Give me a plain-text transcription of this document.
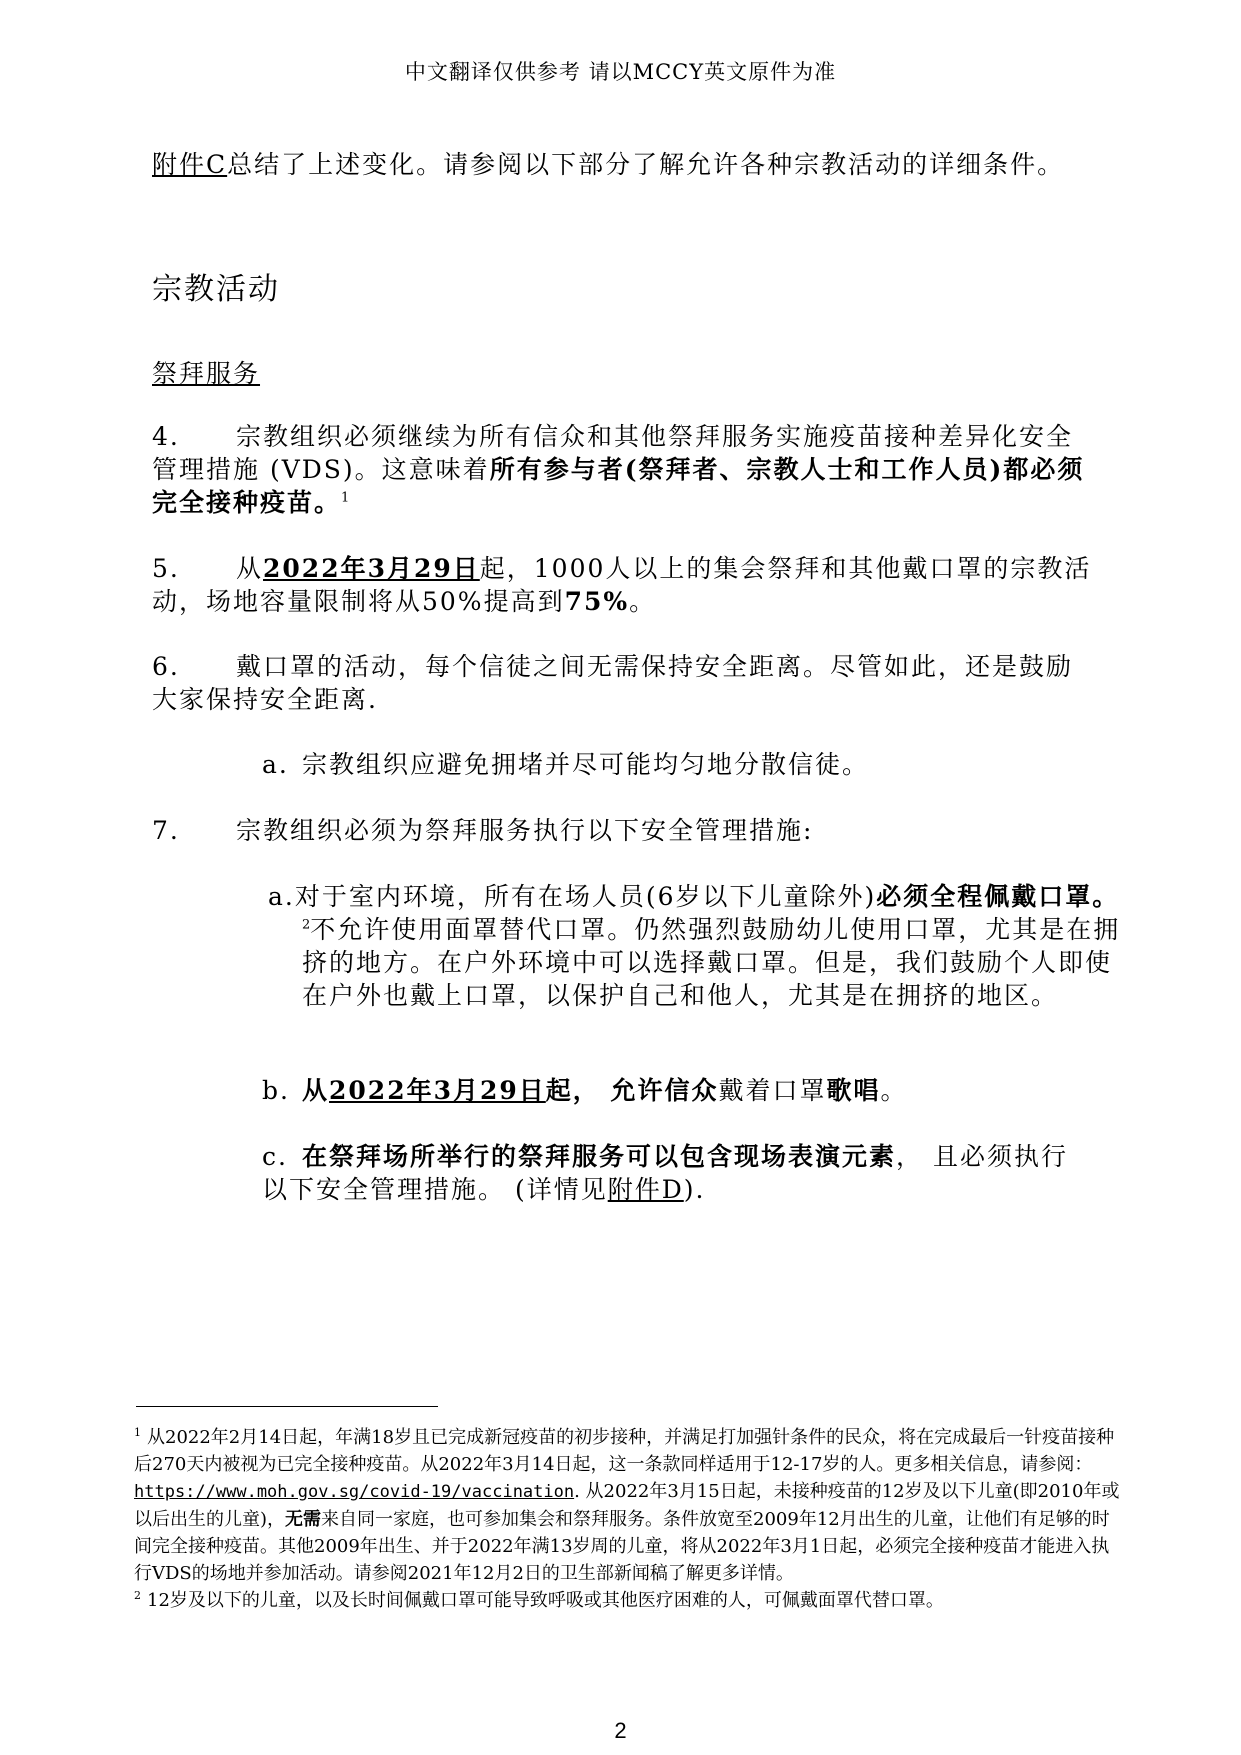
中文翻译仅供参考 请以MCCY英文原件为准
附件C总结了上述变化。请参阅以下部分了解允许各种宗教活动的详细条件。
宗教活动
祭拜服务
4. 宗教组织必须继续为所有信众和其他祭拜服务实施疫苗接种差异化安全管理措施 (VDS)。这意味着所有参与者(祭拜者、宗教人士和工作人员)都必须完全接种疫苗。$^1$
5. 从2022年3月29日起，1000人以上的集会祭拜和其他戴口罩的宗教活动，场地容量限制将从50%提高到75%。
6. 戴口罩的活动，每个信徒之间无需保持安全距离。尽管如此，还是鼓励大家保持安全距离.
a. 宗教组织应避免拥堵并尽可能均匀地分散信徒。
7. 宗教组织必须为祭拜服务执行以下安全管理措施:
a.对于室内环境，所有在场人员(6岁以下儿童除外)必须全程佩戴口罩。$^2$不允许使用面罩替代口罩。仍然强烈鼓励幼儿使用口罩，尤其是在拥挤的地方。在户外环境中可以选择戴口罩。但是，我们鼓励个人即使在户外也戴上口罩，以保护自己和他人，尤其是在拥挤的地区。
b. 从2022年3月29日起， 允许信众戴着口罩歌唱。
c. 在祭拜场所举行的祭拜服务可以包含现场表演元素， 且必须执行以下安全管理措施。 (详情见附件D).
$^1$ 从2022年2月14日起，年满18岁且已完成新冠疫苗的初步接种，并满足打加强针条件的民众，将在完成最后一针疫苗接种后270天内被视为已完全接种疫苗。从2022年3月14日起，这一条款同样适用于12-17岁的人。更多相关信息，请参阅：https://www.moh.gov.sg/covid-19/vaccination. 从2022年3月15日起，未接种疫苗的12岁及以下儿童(即2010年或以后出生的儿童)，无需来自同一家庭，也可参加集会和祭拜服务。条件放宽至2009年12月出生的儿童，让他们有足够的时间完全接种疫苗。其他2009年出生、并于2022年满13岁周的儿童，将从2022年3月1日起，必须完全接种疫苗才能进入执行VDS的场地并参加活动。请参阅2021年12月2日的卫生部新闻稿了解更多详情。
$^2$ 12岁及以下的儿童，以及长时间佩戴口罩可能导致呼吸或其他医疗困难的人，可佩戴面罩代替口罩。
2
